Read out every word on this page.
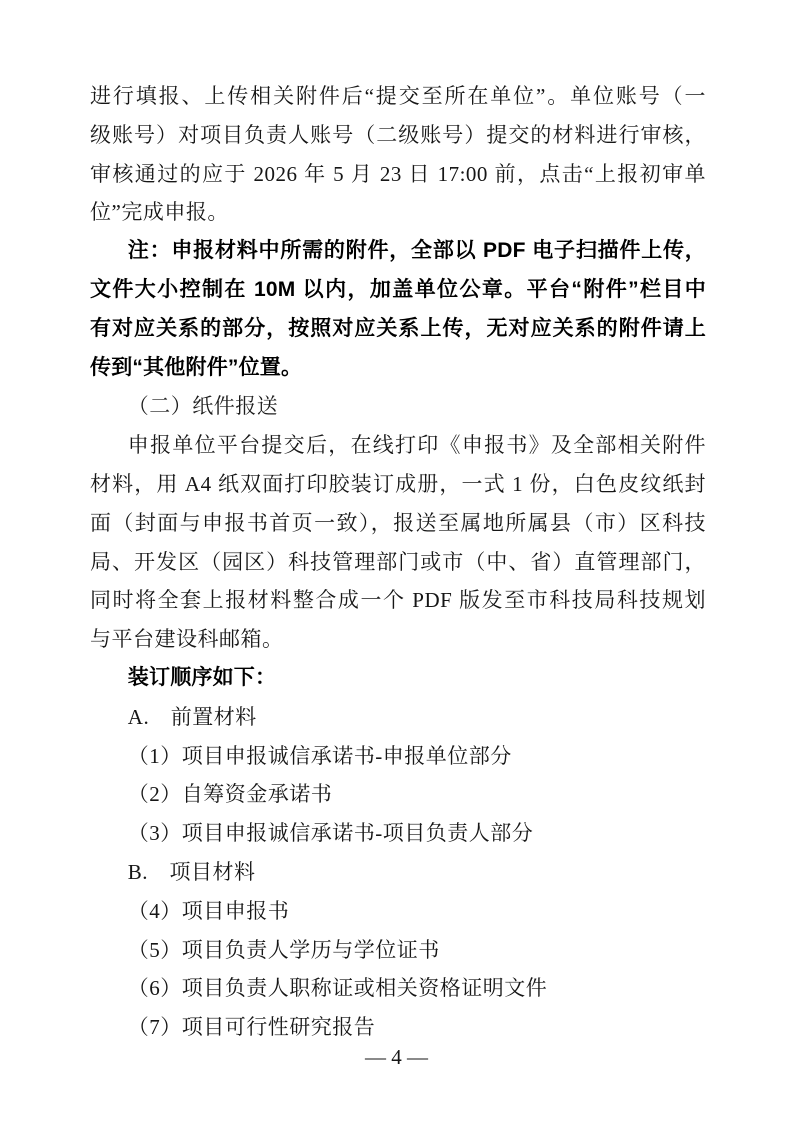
进行填报、上传相关附件后“提交至所在单位”。单位账号（一
级账号）对项目负责人账号（二级账号）提交的材料进行审核，
审核通过的应于 2026 年 5 月 23 日 17:00 前，点击“上报初审单
位”完成申报。
注：申报材料中所需的附件，全部以 PDF 电子扫描件上传，
文件大小控制在 10M 以内，加盖单位公章。平台“附件”栏目中
有对应关系的部分，按照对应关系上传，无对应关系的附件请上
传到“其他附件”位置。
（二）纸件报送
申报单位平台提交后，在线打印《申报书》及全部相关附件
材料，用 A4 纸双面打印胶装订成册，一式 1 份，白色皮纹纸封
面（封面与申报书首页一致），报送至属地所属县（市）区科技
局、开发区（园区）科技管理部门或市（中、省）直管理部门，
同时将全套上报材料整合成一个 PDF 版发至市科技局科技规划
与平台建设科邮箱。
装订顺序如下：
A.　前置材料
（1）项目申报诚信承诺书-申报单位部分
（2）自筹资金承诺书
（3）项目申报诚信承诺书-项目负责人部分
B.　项目材料
（4）项目申报书
（5）项目负责人学历与学位证书
（6）项目负责人职称证或相关资格证明文件
（7）项目可行性研究报告
— 4 —
